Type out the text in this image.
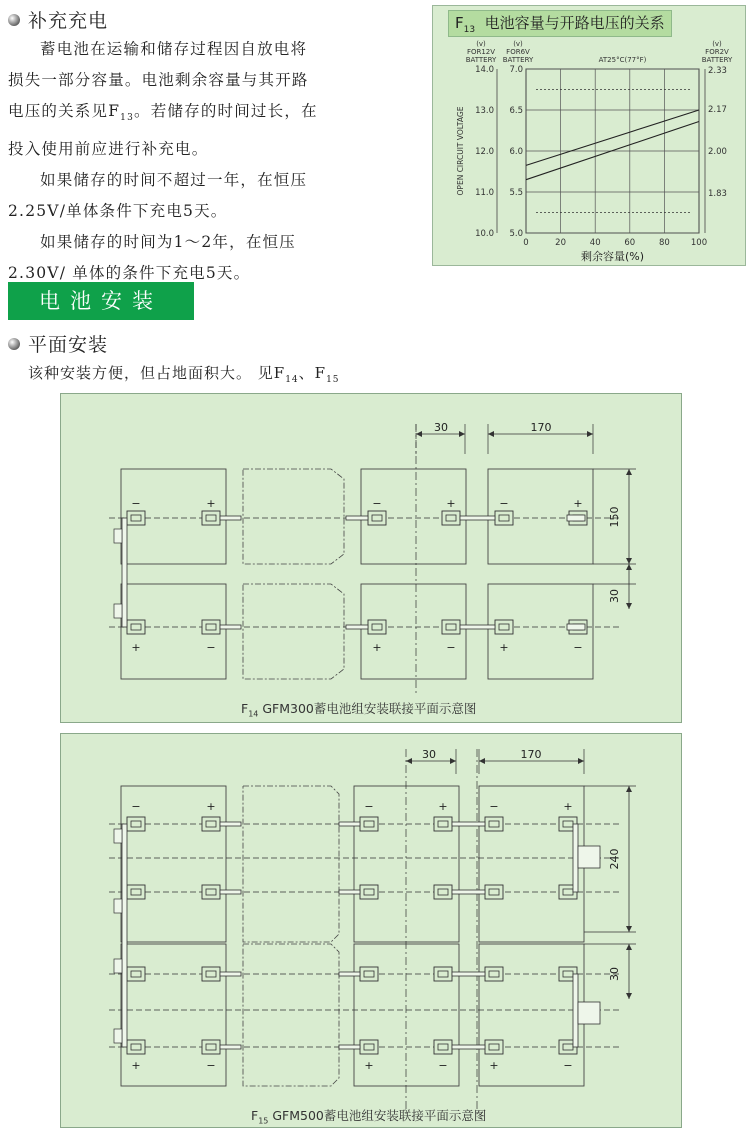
补充充电
蓄电池在运输和储存过程因自放电将
损失一部分容量。电池剩余容量与其开路
电压的关系见$F_{13}$。若储存的时间过长，在
投入使用前应进行补充电。
如果储存的时间不超过一年，在恒压
2.25V/单体条件下充电5天。
如果储存的时间为1～2年，在恒压
2.30V/ 单体的条件下充电5天。
$F_{13}$ 电池容量与开路电压的关系
0	20	40	60	80 100
14.0
13.0
12.0
11.0
10.0
7.0
6.5
6.0
5.5
5.0
2.33
2.17
2.00
1.83
(v)
FOR12V
BATTERY
(v)
FOR6V
BATTERY
(v)
FOR2V
BATTERY
AT25°C(77°F)
OPEN CIRCUIT VOLTAGE
剩余容量(%)
电池安装
平面安装
该种安装方便，但占地面积大。 见$F_{14}$、$F_{15}$
−	+	−	+	−	+
+	−	+	−	+	−
30	170
150
30
$F_{14}$ GFM300蓄电池组安装联接平面示意图
−	+	−	+	−	+
+	−	+	−	+	−
30	170
240
30
$F_{15}$ GFM500蓄电池组安装联接平面示意图
